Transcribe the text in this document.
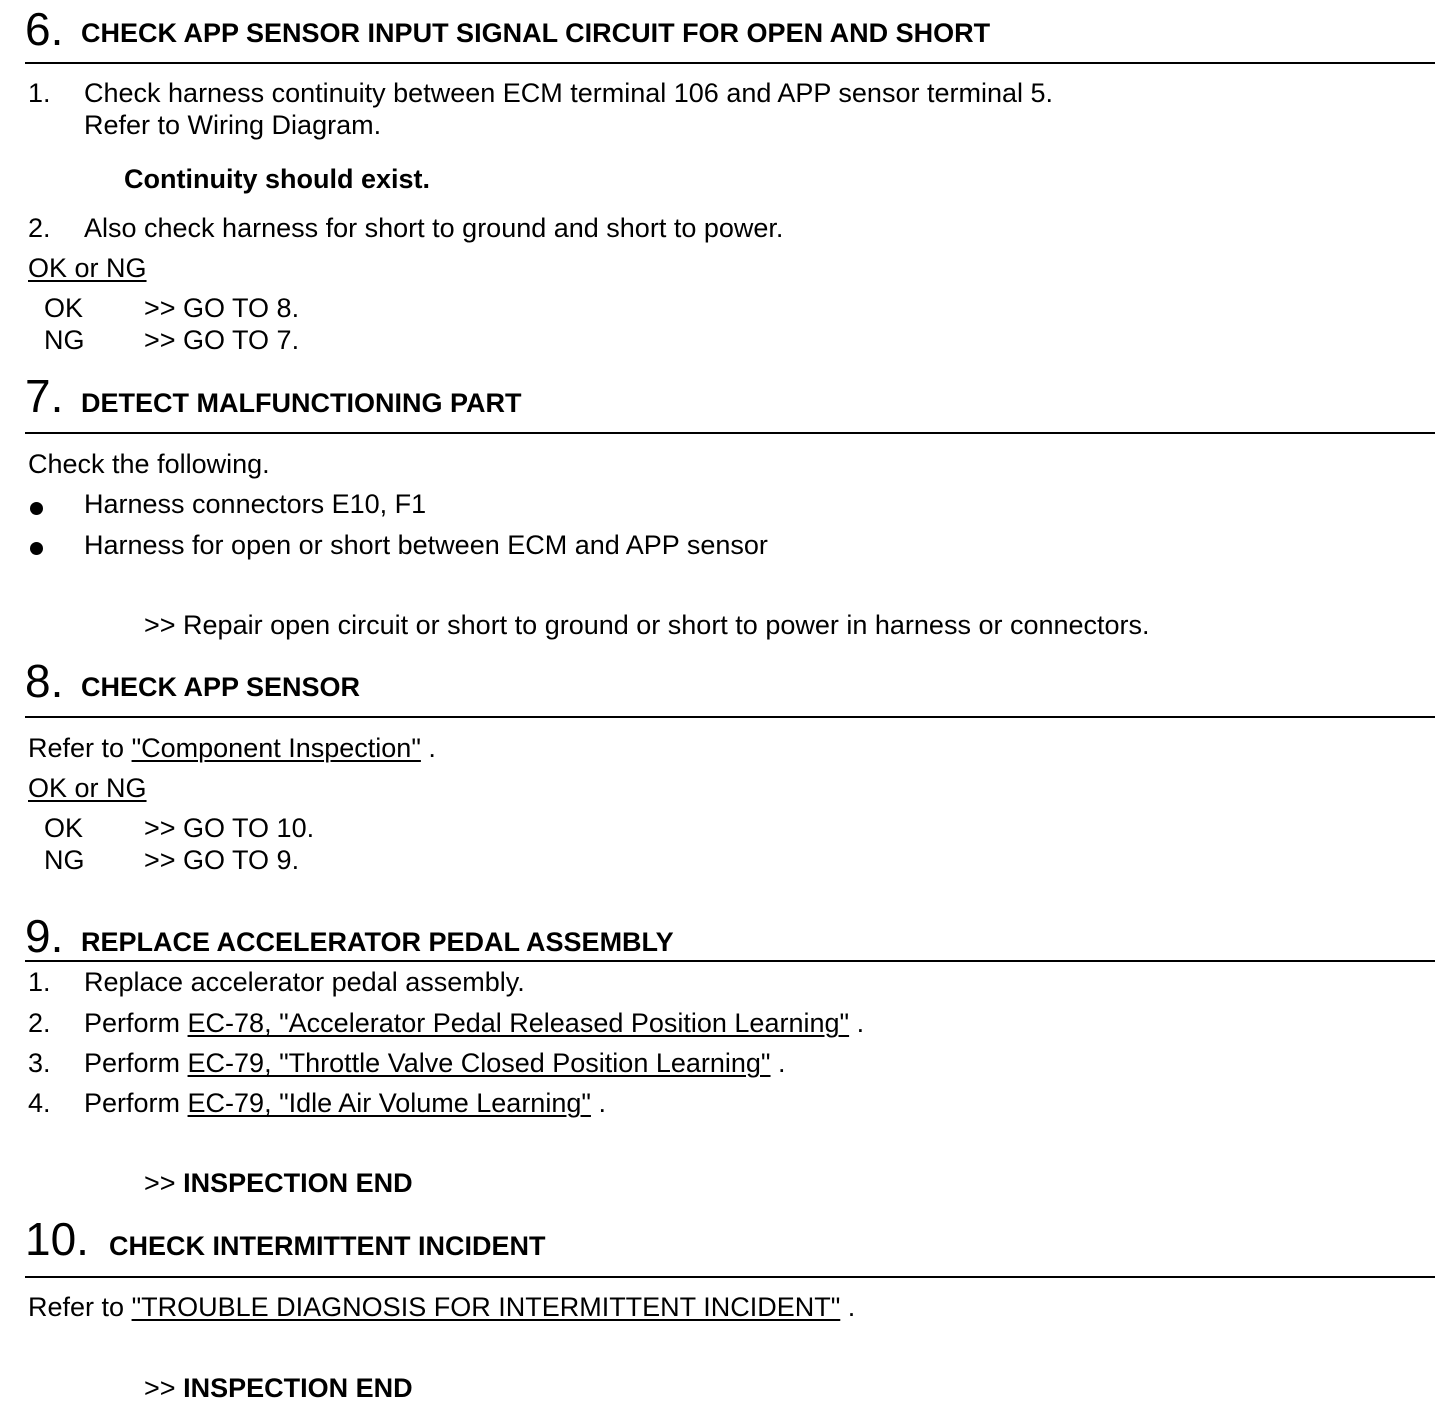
6. CHECK APP SENSOR INPUT SIGNAL CIRCUIT FOR OPEN AND SHORT
1. Check harness continuity between ECM terminal 106 and APP sensor terminal 5.
Refer to Wiring Diagram.
Continuity should exist.
2. Also check harness for short to ground and short to power.
OK or NG
OK >> GO TO 8.
NG >> GO TO 7.
7. DETECT MALFUNCTIONING PART
Check the following.
Harness connectors E10, F1
Harness for open or short between ECM and APP sensor
>> Repair open circuit or short to ground or short to power in harness or connectors.
8. CHECK APP SENSOR
Refer to "Component Inspection" .
OK or NG
OK >> GO TO 10.
NG >> GO TO 9.
9. REPLACE ACCELERATOR PEDAL ASSEMBLY
1. Replace accelerator pedal assembly.
2. Perform EC-78, "Accelerator Pedal Released Position Learning" .
3. Perform EC-79, "Throttle Valve Closed Position Learning" .
4. Perform EC-79, "Idle Air Volume Learning" .
>> INSPECTION END
10. CHECK INTERMITTENT INCIDENT
Refer to "TROUBLE DIAGNOSIS FOR INTERMITTENT INCIDENT" .
>> INSPECTION END
